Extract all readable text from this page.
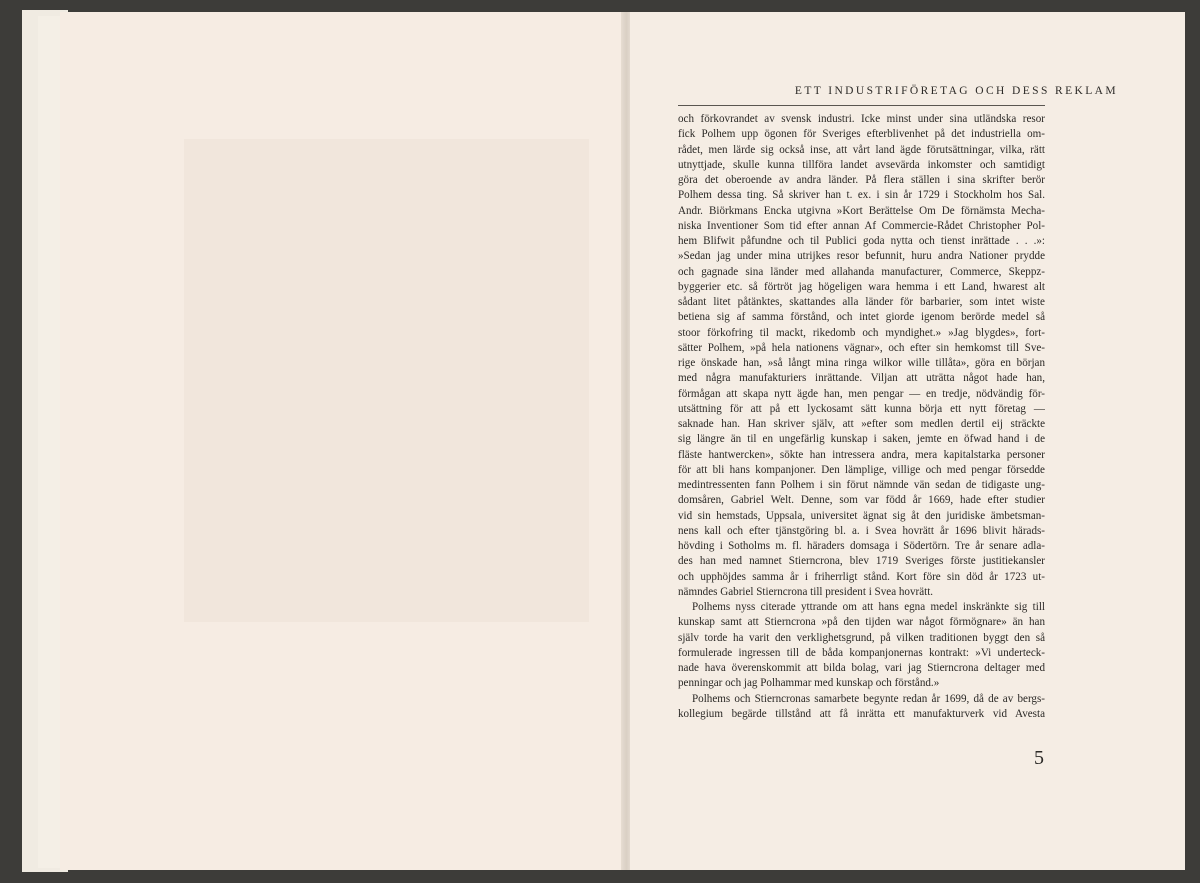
ETT INDUSTRIFÖRETAG OCH DESS REKLAM
och förkovrandet av svensk industri. Icke minst under sina utländska resor
fick Polhem upp ögonen för Sveriges efterblivenhet på det industriella om-
rådet, men lärde sig också inse, att vårt land ägde förutsättningar, vilka, rätt
utnyttjade, skulle kunna tillföra landet avsevärda inkomster och samtidigt
göra det oberoende av andra länder. På flera ställen i sina skrifter berör
Polhem dessa ting. Så skriver han t. ex. i sin år 1729 i Stockholm hos Sal.
Andr. Biörkmans Encka utgivna »Kort Berättelse Om De förnämsta Mecha-
niska Inventioner Som tid efter annan Af Commercie-Rådet Christopher Pol-
hem Blifwit påfundne och til Publici goda nytta och tienst inrättade . . .»:
»Sedan jag under mina utrijkes resor befunnit, huru andra Nationer prydde
och gagnade sina länder med allahanda manufacturer, Commerce, Skeppz-
byggerier etc. så förtröt jag högeligen wara hemma i ett Land, hwarest alt
sådant litet påtänktes, skattandes alla länder för barbarier, som intet wiste
betiena sig af samma förstånd, och intet giorde igenom berörde medel så
stoor förkofring til mackt, rikedomb och myndighet.» »Jag blygdes», fort-
sätter Polhem, »på hela nationens vägnar», och efter sin hemkomst till Sve-
rige önskade han, »så långt mina ringa wilkor wille tillåta», göra en början
med några manufakturiers inrättande. Viljan att uträtta något hade han,
förmågan att skapa nytt ägde han, men pengar — en tredje, nödvändig för-
utsättning för att på ett lyckosamt sätt kunna börja ett nytt företag —
saknade han. Han skriver själv, att »efter som medlen dertil eij sträckte
sig längre än til en ungefärlig kunskap i saken, jemte en öfwad hand i de
fläste hantwercken», sökte han intressera andra, mera kapitalstarka personer
för att bli hans kompanjoner. Den lämplige, villige och med pengar försedde
medintressenten fann Polhem i sin förut nämnde vän sedan de tidigaste ung-
domsåren, Gabriel Welt. Denne, som var född år 1669, hade efter studier
vid sin hemstads, Uppsala, universitet ägnat sig åt den juridiske ämbetsman-
nens kall och efter tjänstgöring bl. a. i Svea hovrätt år 1696 blivit härads-
hövding i Sotholms m. fl. häraders domsaga i Södertörn. Tre år senare adla-
des han med namnet Stierncrona, blev 1719 Sveriges förste justitiekansler
och upphöjdes samma år i friherrligt stånd. Kort före sin död år 1723 ut-
nämndes Gabriel Stierncrona till president i Svea hovrätt.
Polhems nyss citerade yttrande om att hans egna medel inskränkte sig till
kunskap samt att Stierncrona »på den tijden war något förmögnare» än han
själv torde ha varit den verklighetsgrund, på vilken traditionen byggt den så
formulerade ingressen till de båda kompanjonernas kontrakt: »Vi underteck-
nade hava överenskommit att bilda bolag, vari jag Stierncrona deltager med
penningar och jag Polhammar med kunskap och förstånd.»
Polhems och Stierncronas samarbete begynte redan år 1699, då de av bergs-
kollegium begärde tillstånd att få inrätta ett manufakturverk vid Avesta
5
